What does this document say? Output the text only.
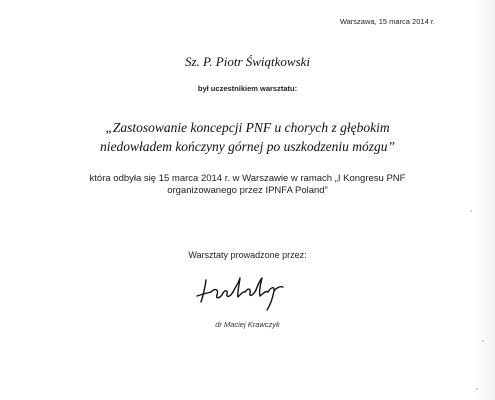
Warszawa, 15 marca 2014 r.
Sz. P. Piotr Świątkowski
był uczestnikiem warsztatu:
„Zastosowanie koncepcji PNF u chorych z głębokim
niedowładem kończyny górnej po uszkodzeniu mózgu”
która odbyła się 15 marca 2014 r. w Warszawie w ramach „I Kongresu PNF
organizowanego przez IPNFA Poland”
Warsztaty prowadzone przez:
dr Maciej Krawczyk
